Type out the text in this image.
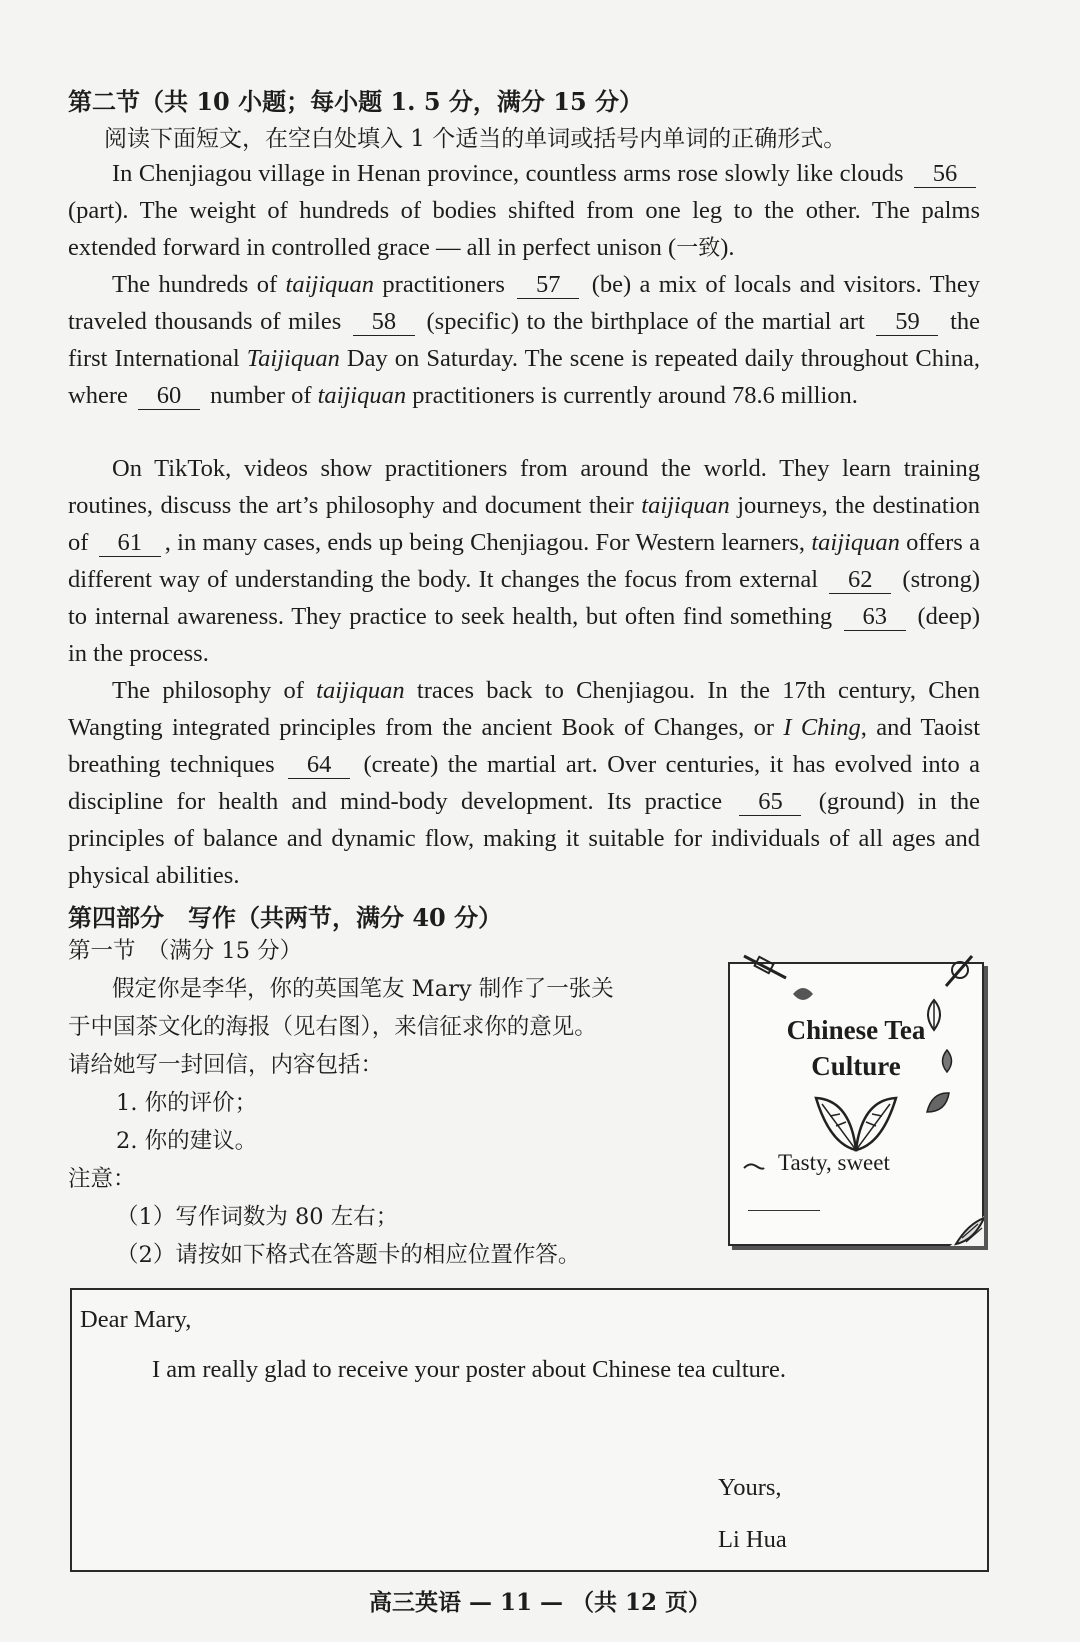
第二节（共 10 小题；每小题 1. 5 分，满分 15 分）
阅读下面短文，在空白处填入 1 个适当的单词或括号内单词的正确形式。

In Chenjiagou village in Henan province, countless arms rose slowly like clouds 56 (part). The weight of hundreds of bodies shifted from one leg to the other. The palms extended forward in controlled grace — all in perfect unison (一致).

The hundreds of taijiquan practitioners 57 (be) a mix of locals and visitors. They traveled thousands of miles 58 (specific) to the birthplace of the martial art 59 the first International Taijiquan Day on Saturday. The scene is repeated daily throughout China, where 60 number of taijiquan practitioners is currently around 78.6 million.

On TikTok, videos show practitioners from around the world. They learn training routines, discuss the art’s philosophy and document their taijiquan journeys, the destination of 61 , in many cases, ends up being Chenjiagou. For Western learners, taijiquan offers a different way of understanding the body. It changes the focus from external 62 (strong) to internal awareness. They practice to seek health, but often find something 63 (deep) in the process.

The philosophy of taijiquan traces back to Chenjiagou. In the 17th century, Chen Wangting integrated principles from the ancient Book of Changes, or I Ching, and Taoist breathing techniques 64 (create) the martial art. Over centuries, it has evolved into a discipline for health and mind-body development. Its practice 65 (ground) in the principles of balance and dynamic flow, making it suitable for individuals of all ages and physical abilities.

第四部分　写作（共两节，满分 40 分）
第一节　（满分 15 分）
假定你是李华，你的英国笔友 Mary 制作了一张关
于中国茶文化的海报（见右图），来信征求你的意见。
请给她写一封回信，内容包括：
1. 你的评价；
2. 你的建议。
注意：
（1）写作词数为 80 左右；
（2）请按如下格式在答题卡的相应位置作答。
Chinese Tea
Culture
Tasty, sweet
Dear Mary,
I am really glad to receive your poster about Chinese tea culture.
Yours,
Li Hua
高三英语 — 11 — （共 12 页）
